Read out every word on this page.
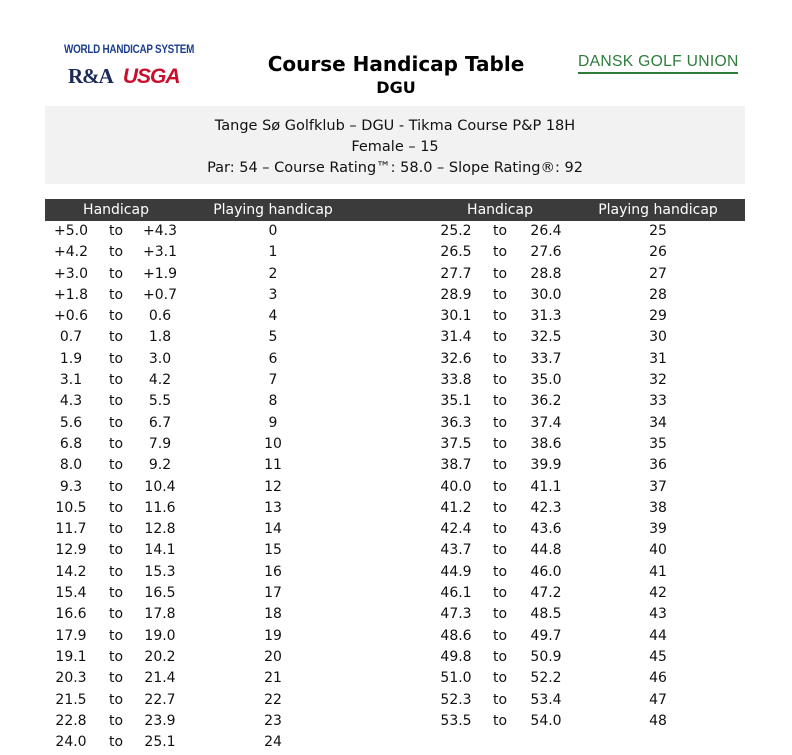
WORLD HANDICAP SYSTEM
R&A USGA
Course Handicap Table
DGU
DANSK GOLF UNION
Tange Sø Golfklub – DGU - Tikma Course P&P 18H
Female – 15
Par: 54 – Course Rating™: 58.0 – Slope Rating®: 92
Handicap	Playing handicap	Handicap	Playing handicap
+5.0 to +4.3	0	25.2 to 26.4	25
+4.2 to +3.1	1	26.5 to 27.6	26
+3.0 to +1.9	2	27.7 to 28.8	27
+1.8 to +0.7	3	28.9 to 30.0	28
+0.6 to 0.6	4	30.1 to 31.3	29
0.7 to 1.8	5	31.4 to 32.5	30
1.9 to 3.0	6	32.6 to 33.7	31
3.1 to 4.2	7	33.8 to 35.0	32
4.3 to 5.5	8	35.1 to 36.2	33
5.6 to 6.7	9	36.3 to 37.4	34
6.8 to 7.9	10	37.5 to 38.6	35
8.0 to 9.2	11	38.7 to 39.9	36
9.3 to 10.4	12	40.0 to 41.1	37
10.5 to 11.6	13	41.2 to 42.3	38
11.7 to 12.8	14	42.4 to 43.6	39
12.9 to 14.1	15	43.7 to 44.8	40
14.2 to 15.3	16	44.9 to 46.0	41
15.4 to 16.5	17	46.1 to 47.2	42
16.6 to 17.8	18	47.3 to 48.5	43
17.9 to 19.0	19	48.6 to 49.7	44
19.1 to 20.2	20	49.8 to 50.9	45
20.3 to 21.4	21	51.0 to 52.2	46
21.5 to 22.7	22	52.3 to 53.4	47
22.8 to 23.9	23	53.5 to 54.0	48
24.0 to 25.1	24
